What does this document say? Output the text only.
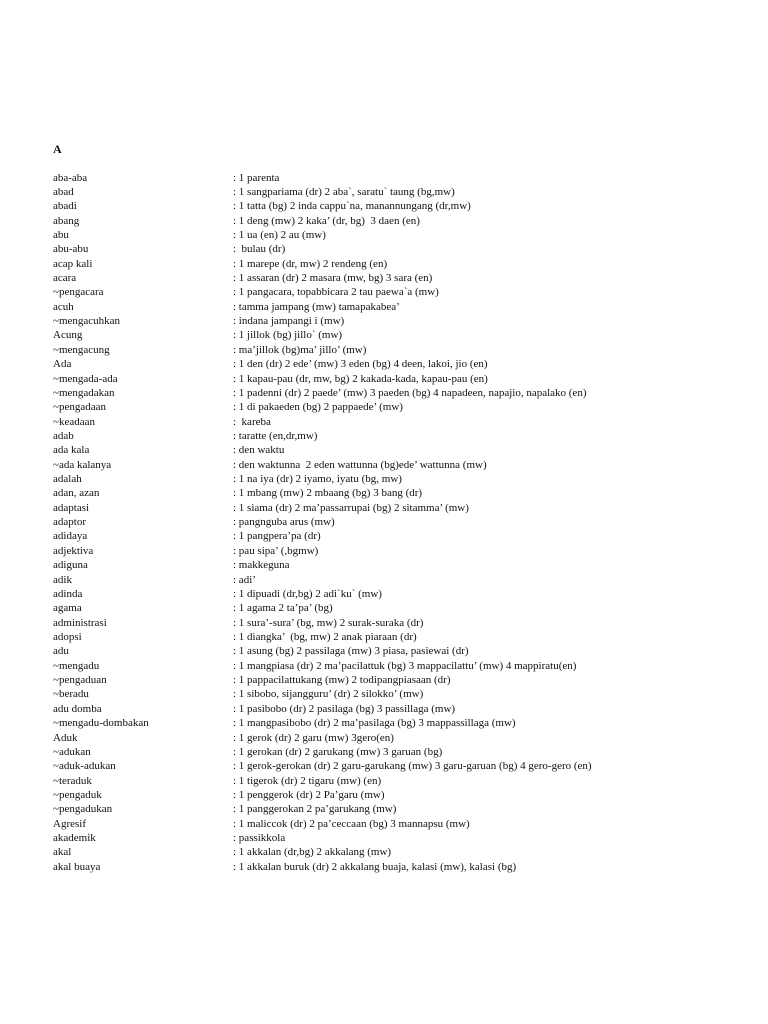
A
aba-aba	: 1 parenta
abad	: 1 sangpariama (dr) 2 aba`, saratu` taung (bg,mw)
abadi	: 1 tatta (bg) 2 inda cappu`na, manannungang (dr,mw)
abang	: 1 deng (mw) 2 kaka’ (dr, bg)  3 daen (en)
abu	: 1 ua (en) 2 au (mw)
abu-abu	:  bulau (dr)
acap kali	: 1 marepe (dr, mw) 2 rendeng (en)
acara	: 1 assaran (dr) 2 masara (mw, bg) 3 sara (en)
~pengacara	: 1 pangacara, topabbicara 2 tau paewa`a (mw)
acuh	: tamma jampang (mw) tamapakabea’
~mengacuhkan	: indana jampangi i (mw)
Acung	: 1 jillok (bg) jillo` (mw)
~mengacung	: ma’jillok (bg)ma’ jillo’ (mw)
Ada	: 1 den (dr) 2 ede’ (mw) 3 eden (bg) 4 deen, lakoi, jio (en)
~mengada-ada	: 1 kapau-pau (dr, mw, bg) 2 kakada-kada, kapau-pau (en)
~mengadakan	: 1 padenni (dr) 2 paede’ (mw) 3 paeden (bg) 4 napadeen, napajio, napalako (en)
~pengadaan	: 1 di pakaeden (bg) 2 pappaede’ (mw)
~keadaan	:  kareba
adab	: taratte (en,dr,mw)
ada kala	: den waktu
~ada kalanya	: den waktunna  2 eden wattunna (bg)ede’ wattunna (mw)
adalah	: 1 na iya (dr) 2 iyamo, iyatu (bg, mw)
adan, azan	: 1 mbang (mw) 2 mbaang (bg) 3 bang (dr)
adaptasi	: 1 siama (dr) 2 ma’passarrupai (bg) 2 sitamma’ (mw)
adaptor	: pangnguba arus (mw)
adidaya	: 1 pangpera’pa (dr)
adjektiva	: pau sipa’ (,bgmw)
adiguna	: makkeguna
adik	: adi’
adinda	: 1 dipuadi (dr,bg) 2 adi`ku` (mw)
agama	: 1 agama 2 ta’pa’ (bg)
administrasi	: 1 sura’-sura’ (bg, mw) 2 surak-suraka (dr)
adopsi	: 1 diangka’  (bg, mw) 2 anak piaraan (dr)
adu	: 1 asung (bg) 2 passilaga (mw) 3 piasa, pasiewai (dr)
~mengadu	: 1 mangpiasa (dr) 2 ma’pacilattuk (bg) 3 mappacilattu’ (mw) 4 mappiratu(en)
~pengaduan	: 1 pappacilattukang (mw) 2 todipangpiasaan (dr)
~beradu	: 1 sibobo, sijangguru’ (dr) 2 silokko’ (mw)
adu domba	: 1 pasibobo (dr) 2 pasilaga (bg) 3 passillaga (mw)
~mengadu-dombakan	: 1 mangpasibobo (dr) 2 ma’pasilaga (bg) 3 mappassillaga (mw)
Aduk	: 1 gerok (dr) 2 garu (mw) 3gero(en)
~adukan	: 1 gerokan (dr) 2 garukang (mw) 3 garuan (bg)
~aduk-adukan	: 1 gerok-gerokan (dr) 2 garu-garukang (mw) 3 garu-garuan (bg) 4 gero-gero (en)
~teraduk	: 1 tigerok (dr) 2 tigaru (mw) (en)
~pengaduk	: 1 penggerok (dr) 2 Pa’garu (mw)
~pengadukan	: 1 panggerokan 2 pa’garukang (mw)
Agresif	: 1 maliccok (dr) 2 pa’ceccaan (bg) 3 mannapsu (mw)
akademik	: passikkola
akal	: 1 akkalan (dr,bg) 2 akkalang (mw)
akal buaya	: 1 akkalan buruk (dr) 2 akkalang buaja, kalasi (mw), kalasi (bg)
